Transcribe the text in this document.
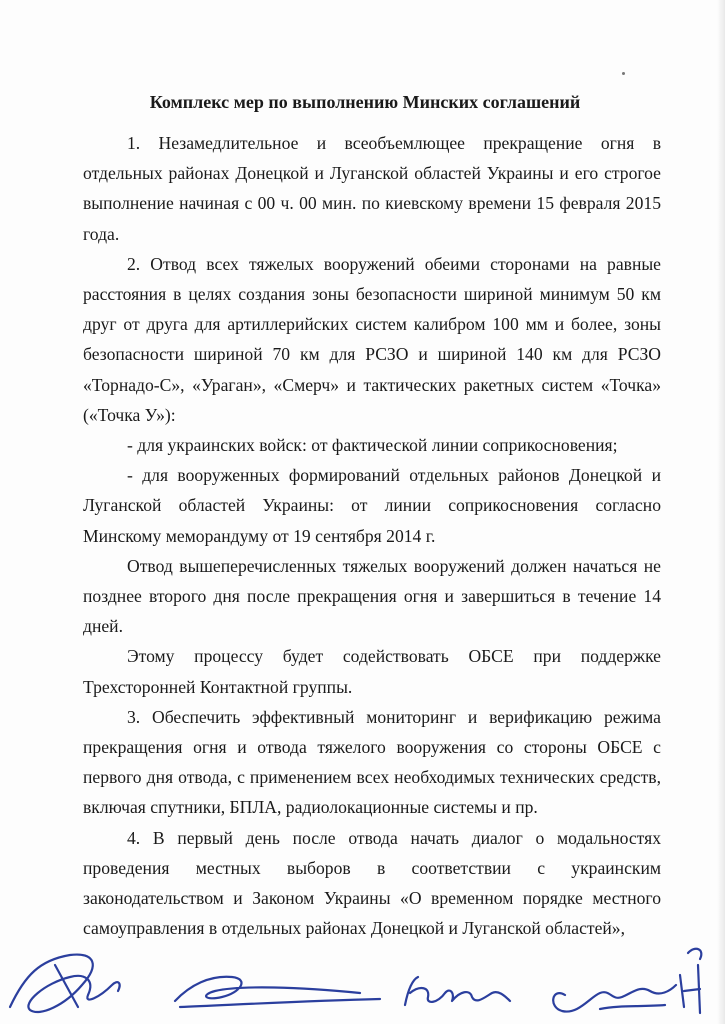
Комплекс мер по выполнению Минских соглашений

1. Незамедлительное и всеобъемлющее прекращение огня в отдельных районах Донецкой и Луганской областей Украины и его строгое выполнение начиная с 00 ч. 00 мин. по киевскому времени 15 февраля 2015 года.

2. Отвод всех тяжелых вооружений обеими сторонами на равные расстояния в целях создания зоны безопасности шириной минимум 50 км друг от друга для артиллерийских систем калибром 100 мм и более, зоны безопасности шириной 70 км для РСЗО и шириной 140 км для РСЗО «Торнадо-С», «Ураган», «Смерч» и тактических ракетных систем «Точка» («Точка У»):

- для украинских войск: от фактической линии соприкосновения;

- для вооруженных формирований отдельных районов Донецкой и Луганской областей Украины: от линии соприкосновения согласно Минскому меморандуму от 19 сентября 2014 г.

Отвод вышеперечисленных тяжелых вооружений должен начаться не позднее второго дня после прекращения огня и завершиться в течение 14 дней.

Этому процессу будет содействовать ОБСЕ при поддержке Трехсторонней Контактной группы.

3. Обеспечить эффективный мониторинг и верификацию режима прекращения огня и отвода тяжелого вооружения со стороны ОБСЕ с первого дня отвода, с применением всех необходимых технических средств, включая спутники, БПЛА, радиолокационные системы и пр.

4. В первый день после отвода начать диалог о модальностях проведения местных выборов в соответствии с украинским законодательством и Законом Украины «О временном порядке местного самоуправления в отдельных районах Донецкой и Луганской областей»,
